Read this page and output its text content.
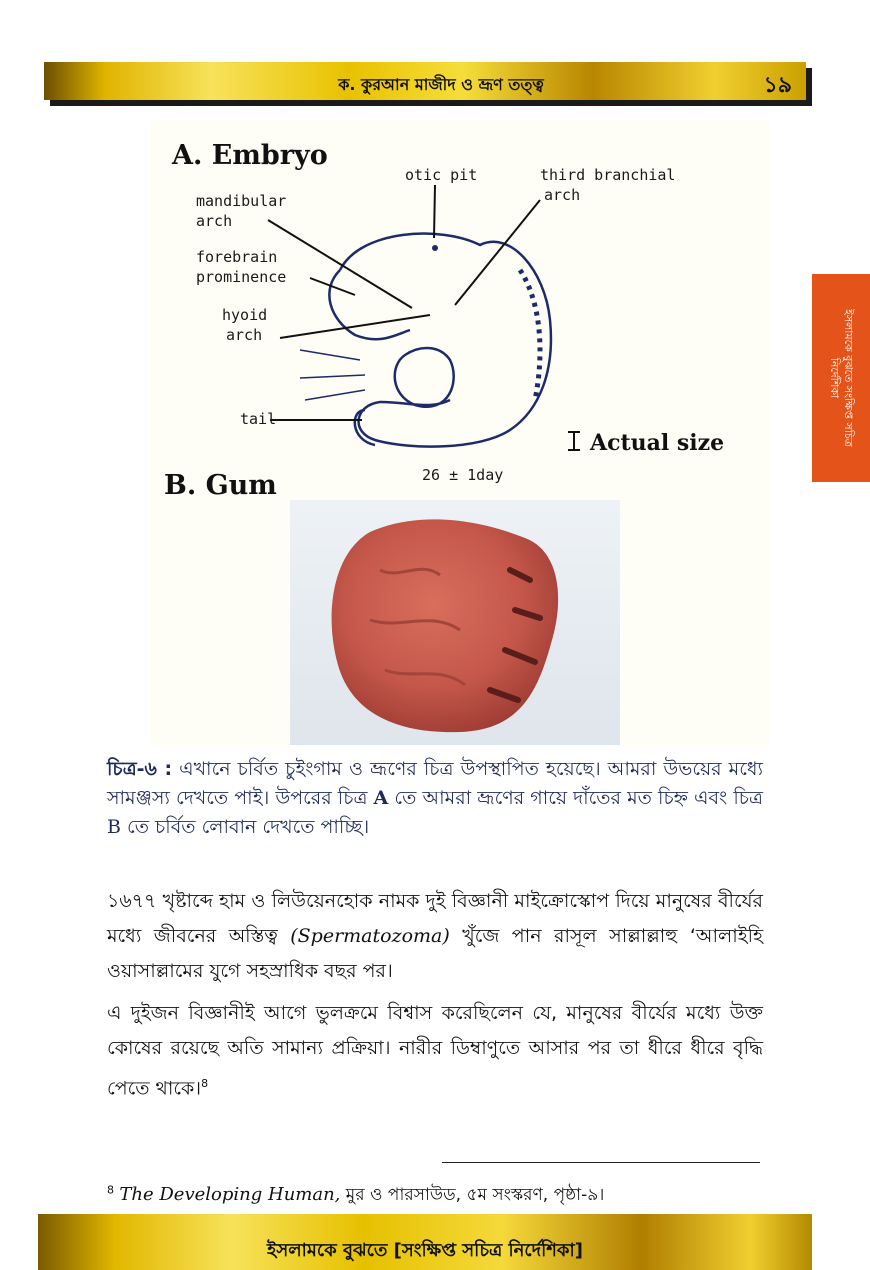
ক. কুরআন মাজীদ ও ভ্রূণ তত্ত্ব	১৯
ইসলামকে বুঝতে সংক্ষিপ্ত সচিত্র
নির্দেশিকা
A. Embryo
otic pit	third branchial
arch
mandibular
arch
forebrain
prominence
hyoid
arch
tail
26 ± 1day
Actual size
B. Gum
চিত্র-৬ : এখানে চর্বিত চুইংগাম ও ভ্রূণের চিত্র উপস্থাপিত হয়েছে। আমরা উভয়ের মধ্যে সামঞ্জস্য দেখতে পাই। উপরের চিত্র A তে আমরা ভ্রূণের গায়ে দাঁতের মত চিহ্ন এবং চিত্র B তে চর্বিত লোবান দেখতে পাচ্ছি।
১৬৭৭ খৃষ্টাব্দে হাম ও লিউয়েনহোক নামক দুই বিজ্ঞানী মাইক্রোস্কোপ দিয়ে মানুষের বীর্যের মধ্যে জীবনের অস্তিত্ব (Spermatozoma) খুঁজে পান রাসূল সাল্লাল্লাহু ‘আলাইহি ওয়াসাল্লামের যুগে সহস্রাধিক বছর পর।
এ দুইজন বিজ্ঞানীই আগে ভুলক্রমে বিশ্বাস করেছিলেন যে, মানুষের বীর্যের মধ্যে উক্ত কোষের রয়েছে অতি সামান্য প্রক্রিয়া। নারীর ডিম্বাণুতে আসার পর তা ধীরে ধীরে বৃদ্ধি পেতে থাকে।$^8$
$^8$ The Developing Human, মুর ও পারসাউড, ৫ম সংস্করণ, পৃষ্ঠা-৯।
ইসলামকে বুঝতে [সংক্ষিপ্ত সচিত্র নির্দেশিকা]
